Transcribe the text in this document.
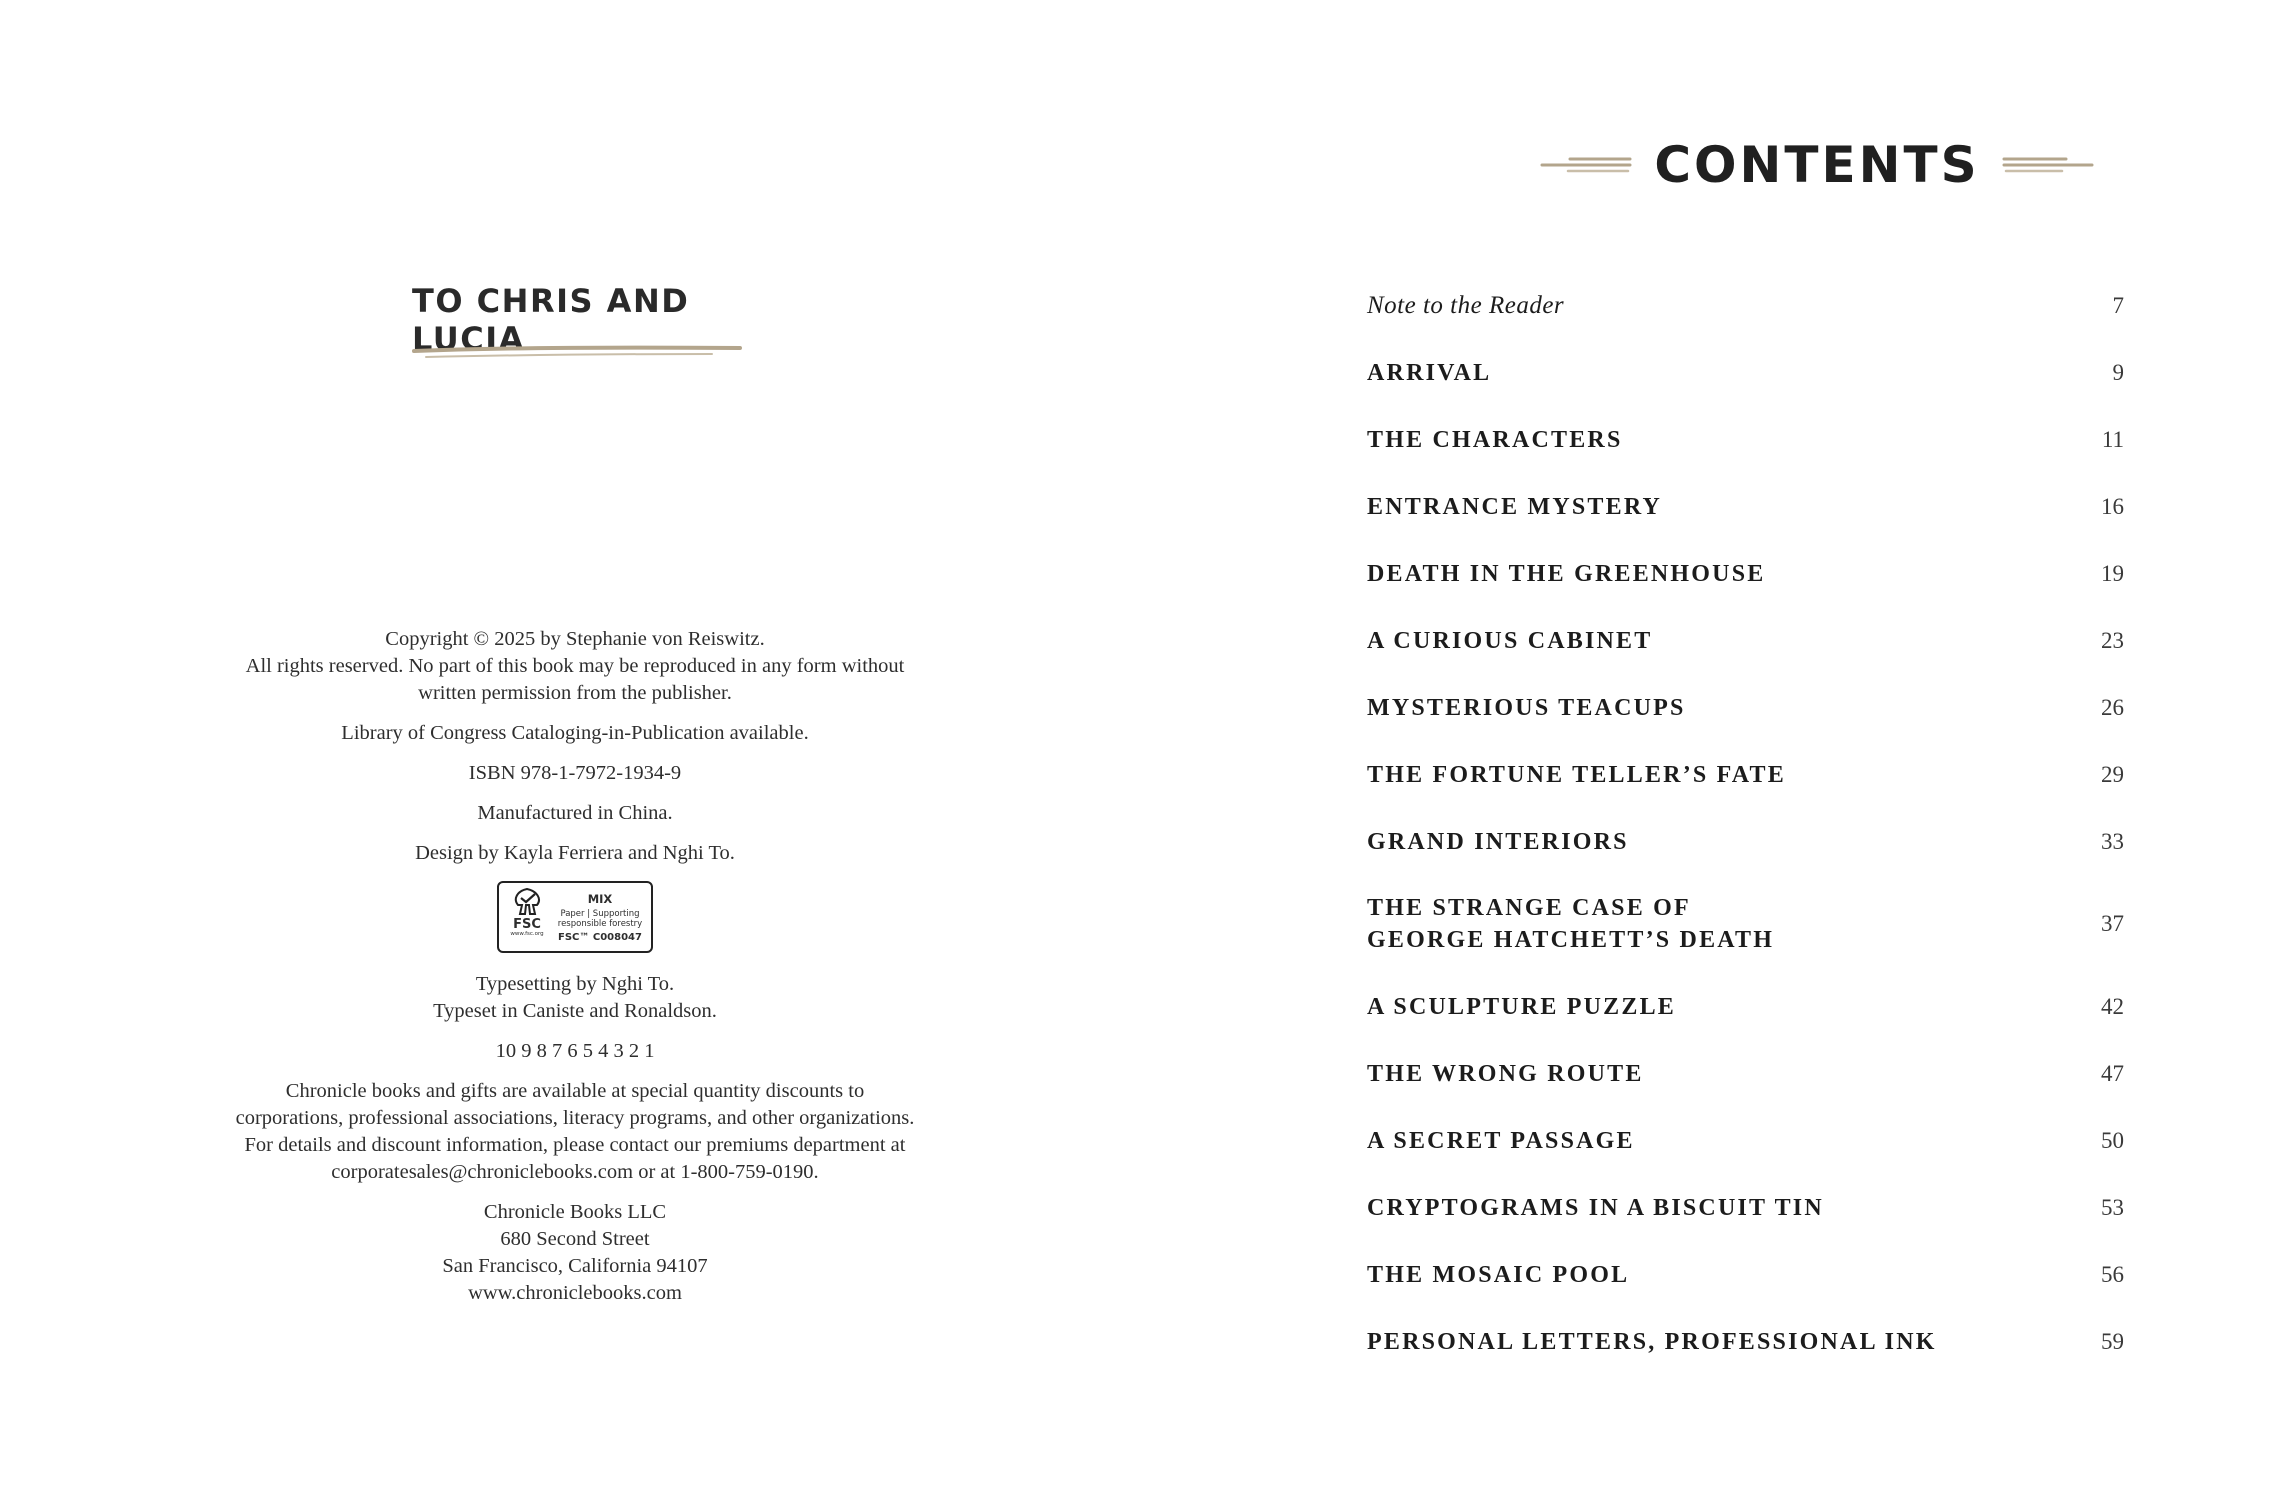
TO CHRIS AND LUCIA
Copyright © 2025 by Stephanie von Reiswitz.
All rights reserved. No part of this book may be reproduced in any form without
written permission from the publisher.
Library of Congress Cataloging-in-Publication available.
ISBN 978-1-7972-1934-9
Manufactured in China.
Design by Kayla Ferriera and Nghi To.
FSC
www.fsc.org
MIX
Paper | Supporting
responsible forestry
FSC™ C008047
Typesetting by Nghi To.
Typeset in Caniste and Ronaldson.
10 9 8 7 6 5 4 3 2 1
Chronicle books and gifts are available at special quantity discounts to
corporations, professional associations, literacy programs, and other organizations.
For details and discount information, please contact our premiums department at
corporatesales@chroniclebooks.com or at 1-800-759-0190.
Chronicle Books LLC
680 Second Street
San Francisco, California 94107
www.chroniclebooks.com
CONTENTS
Note to the Reader	7
ARRIVAL	9
THE CHARACTERS	11
ENTRANCE MYSTERY	16
DEATH IN THE GREENHOUSE	19
A CURIOUS CABINET	23
MYSTERIOUS TEACUPS	26
THE FORTUNE TELLER’S FATE	29
GRAND INTERIORS	33
THE STRANGE CASE OF
GEORGE HATCHETT’S DEATH
37
A SCULPTURE PUZZLE	42
THE WRONG ROUTE	47
A SECRET PASSAGE	50
CRYPTOGRAMS IN A BISCUIT TIN	53
THE MOSAIC POOL	56
PERSONAL LETTERS, PROFESSIONAL INK	59
